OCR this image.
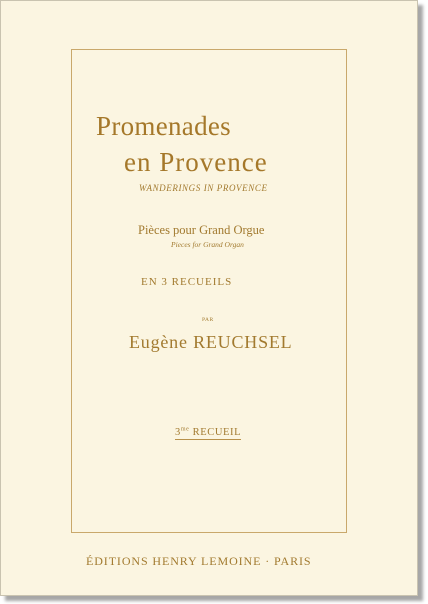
Promenades
en Provence
WANDERINGS IN PROVENCE
Pièces pour Grand Orgue
Pieces for Grand Organ
EN 3 RECUEILS
PAR
Eugène REUCHSEL
$3^{me}$ RECUEIL
ÉDITIONS HENRY LEMOINE · PARIS
